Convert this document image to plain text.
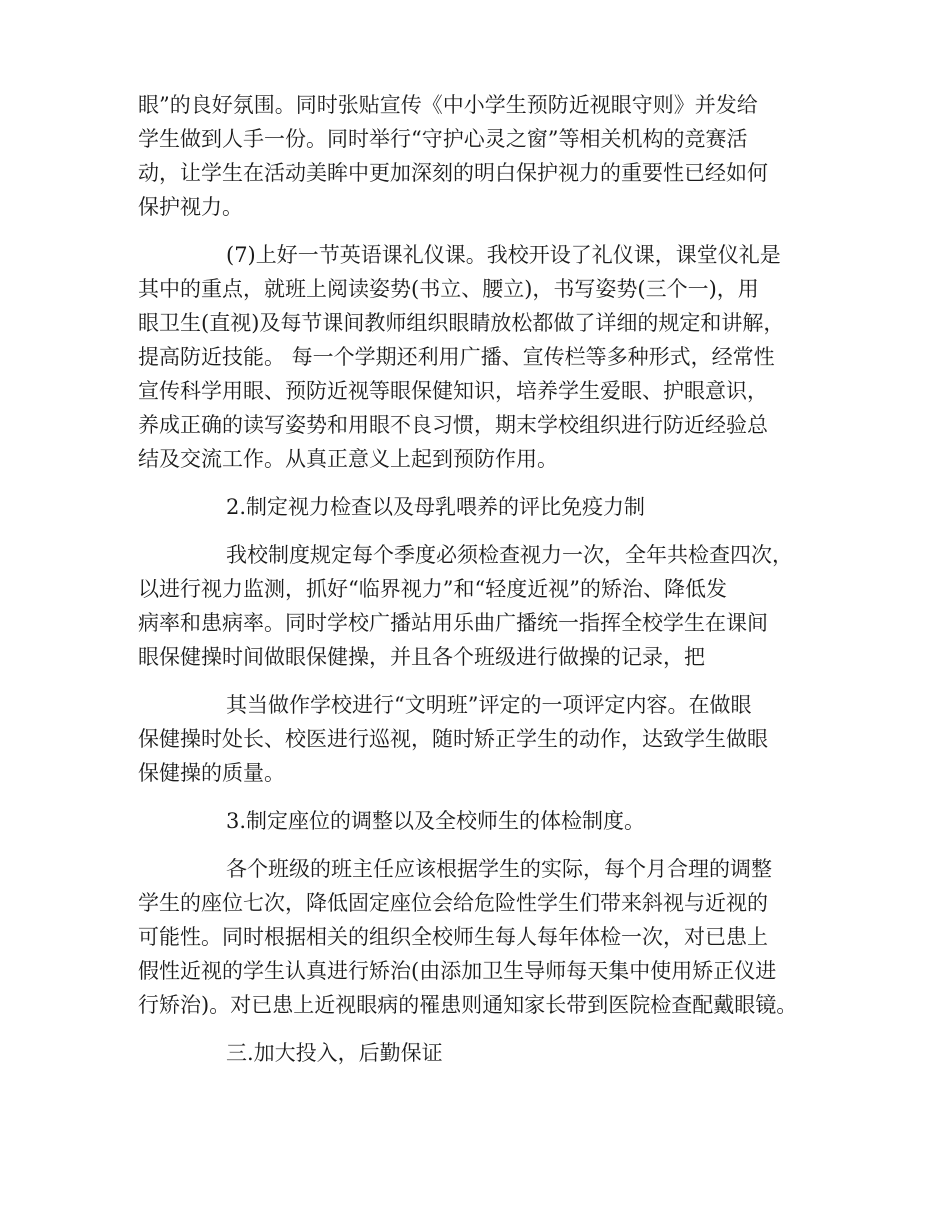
眼”的良好氛围。同时张贴宣传《中小学生预防近视眼守则》并发给
学生做到人手一份。同时举行“守护心灵之窗”等相关机构的竞赛活
动，让学生在活动美眸中更加深刻的明白保护视力的重要性已经如何
保护视力。

(7)上好一节英语课礼仪课。我校开设了礼仪课，课堂仪礼是
其中的重点，就班上阅读姿势(书立、腰立)，书写姿势(三个一)，用
眼卫生(直视)及每节课间教师组织眼睛放松都做了详细的规定和讲解，
提高防近技能。 每一个学期还利用广播、宣传栏等多种形式，经常性
宣传科学用眼、预防近视等眼保健知识，培养学生爱眼、护眼意识，
养成正确的读写姿势和用眼不良习惯，期末学校组织进行防近经验总
结及交流工作。从真正意义上起到预防作用。

2.制定视力检查以及母乳喂养的评比免疫力制

我校制度规定每个季度必须检查视力一次，全年共检查四次，
以进行视力监测，抓好“临界视力”和“轻度近视”的矫治、降低发
病率和患病率。同时学校广播站用乐曲广播统一指挥全校学生在课间
眼保健操时间做眼保健操，并且各个班级进行做操的记录，把

其当做作学校进行“文明班”评定的一项评定内容。在做眼
保健操时处长、校医进行巡视，随时矫正学生的动作，达致学生做眼
保健操的质量。

3.制定座位的调整以及全校师生的体检制度。

各个班级的班主任应该根据学生的实际，每个月合理的调整
学生的座位七次，降低固定座位会给危险性学生们带来斜视与近视的
可能性。同时根据相关的组织全校师生每人每年体检一次，对已患上
假性近视的学生认真进行矫治(由添加卫生导师每天集中使用矫正仪进
行矫治)。对已患上近视眼病的罹患则通知家长带到医院检查配戴眼镜。

三.加大投入，后勤保证
